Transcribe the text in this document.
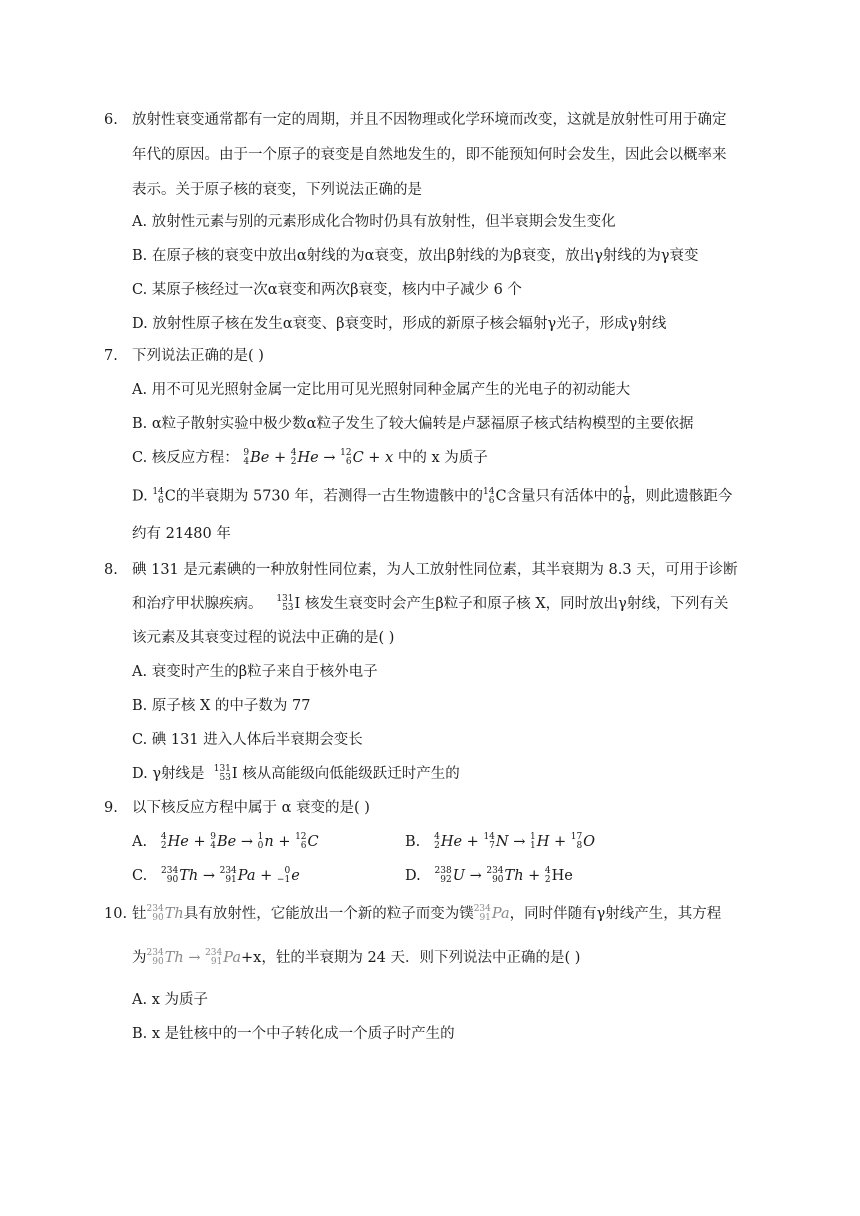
6. 放射性衰变通常都有一定的周期，并且不因物理或化学环境而改变，这就是放射性可用于确定
年代的原因。由于一个原子的衰变是自然地发生的，即不能预知何时会发生，因此会以概率来
表示。关于原子核的衰变，下列说法正确的是
A. 放射性元素与别的元素形成化合物时仍具有放射性，但半衰期会发生变化
B. 在原子核的衰变中放出α射线的为α衰变，放出β射线的为β衰变，放出γ射线的为γ衰变
C. 某原子核经过一次α衰变和两次β衰变，核内中子减少 6 个
D. 放射性原子核在发生α衰变、β衰变时，形成的新原子核会辐射γ光子，形成γ射线
7. 下列说法正确的是( )
A. 用不可见光照射金属一定比用可见光照射同种金属产生的光电子的初动能大
B. α粒子散射实验中极少数α粒子发生了较大偏转是卢瑟福原子核式结构模型的主要依据
C. 核反应方程： 9
4 Be + 4
2 He → 12
6 C + x 中的 x 为质子
D. 14
6 C的半衰期为 5730 年，若测得一古生物遗骸中的 14
6 C含量只有活体中的 $\frac{1}{8}$ ，则此遗骸距今
约有 21480 年
8. 碘 131 是元素碘的一种放射性同位素，为人工放射性同位素，其半衰期为 8.3 天，可用于诊断
和治疗甲状腺疾病。 131
53 I 核发生衰变时会产生β粒子和原子核 X，同时放出γ射线，下列有关
该元素及其衰变过程的说法中正确的是( )
A. 衰变时产生的β粒子来自于核外电子
B. 原子核 X 的中子数为 77
C. 碘 131 进入人体后半衰期会变长
D. γ射线是 131
53 I 核从高能级向低能级跃迁时产生的
9. 以下核反应方程中属于 α 衰变的是( )
A. 4
2 He + 9
4 Be → 1
0 n + 12
6 C	B. 4
2 He + 14
7 N → 1
1 H + 17
8 O
C. 234
90 Th → 234
91 Pa +	0
−1 e	D. 238
92 U → 234
90 Th + 4
2 He
10. 钍 234
90 Th具有放射性，它能放出一个新的粒子而变为镤 234
91 Pa，同时伴随有γ射线产生，其方程
为 234
90 Th → 234
91 Pa+x，钍的半衰期为 24 天．则下列说法中正确的是( )
A. x 为质子
B. x 是钍核中的一个中子转化成一个质子时产生的
